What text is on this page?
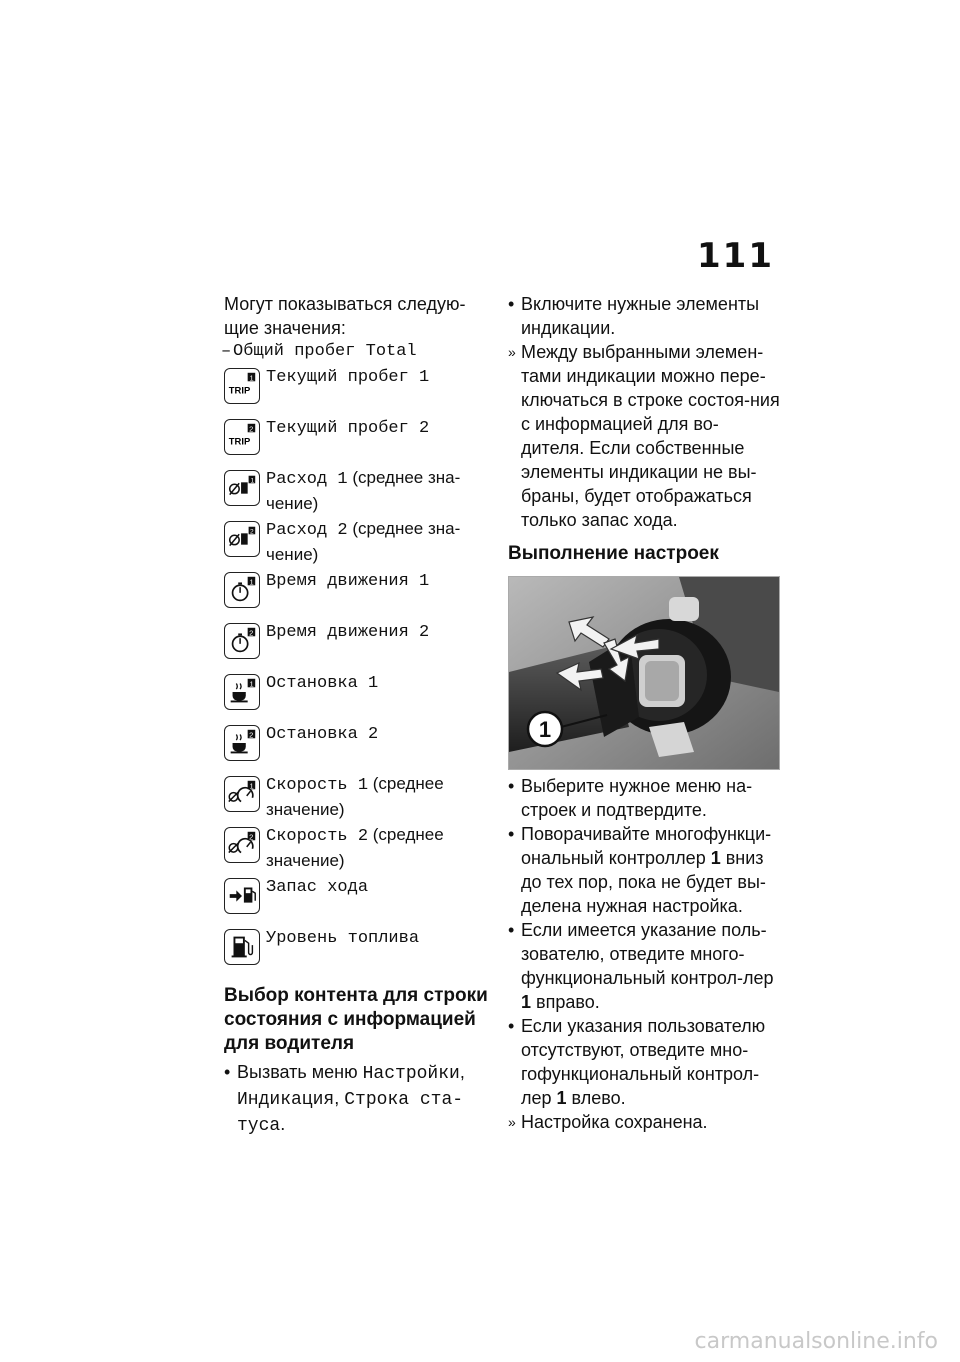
111

Могут показываться следую-щие значения:

– Общий пробег Total

TRIP
1 Текущий пробег 1
TRIP
2 Текущий пробег 2
1 Расход 1 (среднее зна-чение)
2 Расход 2 (среднее зна-чение)
1 Время движения 1
2 Время движения 2
1 Остановка 1
2 Остановка 2
1 Скорость 1 (среднее значение)
2 Скорость 2 (среднее значение)
Запас хода
Уровень топлива

Выбор контента для строки состояния с информацией для водителя

• Вызвать меню Настройки, Индикация, Строка ста-туса.

• Включите нужные элементы индикации.

» Между выбранными элемен-тами индикации можно пере-ключаться в строке состоя-ния с информацией для во-дителя. Если собственные элементы индикации не вы-браны, будет отображаться только запас хода.

Выполнение настроек

1

• Выберите нужное меню на-строек и подтвердите.

• Поворачивайте многофункци-ональный контроллер 1 вниз до тех пор, пока не будет вы-делена нужная настройка.

• Если имеется указание поль-зователю, отведите много-функциональный контрол-лер 1 вправо.

• Если указания пользователю отсутствуют, отведите мно-гофункциональный контрол-лер 1 влево.

» Настройка сохранена.

carmanualsonline.info
